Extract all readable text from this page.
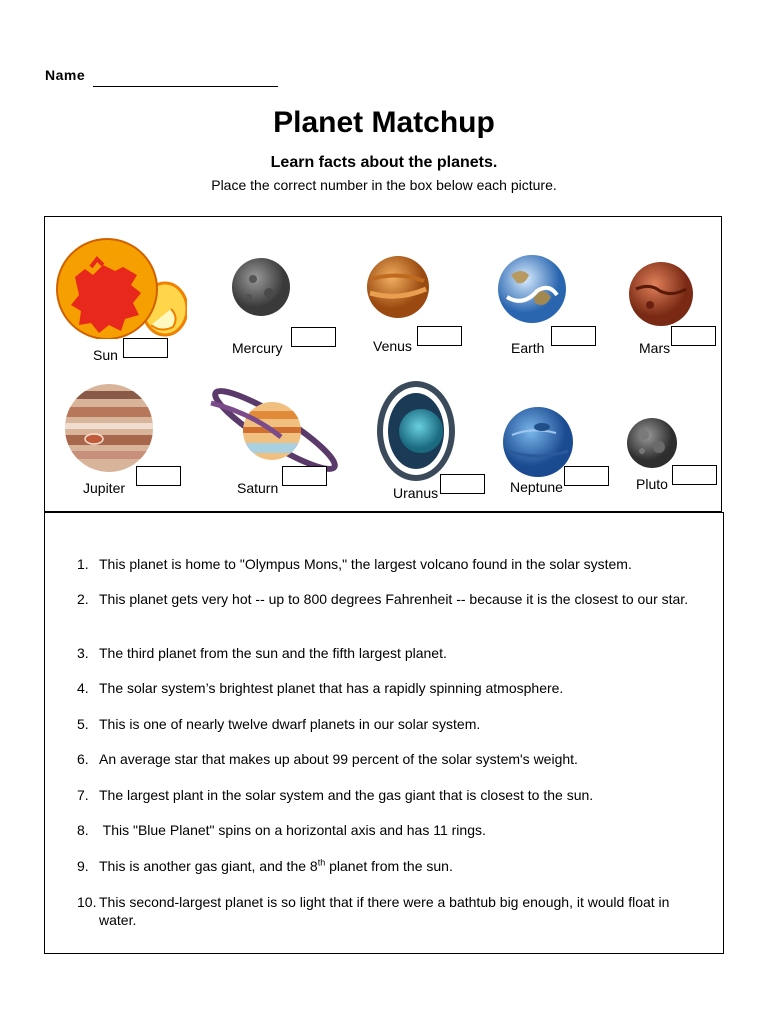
Name
Planet Matchup
Learn facts about the planets.
Place the correct number in the box below each picture.
Sun	Mercury	Venus	Earth	Mars
Jupiter	Saturn	Uranus	Neptune	Pluto
1. This planet is home to "Olympus Mons," the largest volcano found in the solar system.
2. This planet gets very hot -- up to 800 degrees Fahrenheit -- because it is the closest to our star.
3. The third planet from the sun and the fifth largest planet.
4. The solar system’s brightest planet that has a rapidly spinning atmosphere.
5. This is one of nearly twelve dwarf planets in our solar system.
6. An average star that makes up about 99 percent of the solar system's weight.
7. The largest plant in the solar system and the gas giant that is closest to the sun.
8. This "Blue Planet" spins on a horizontal axis and has 11 rings.
9. This is another gas giant, and the 8th planet from the sun.
10. This second-largest planet is so light that if there were a bathtub big enough, it would float in water.
